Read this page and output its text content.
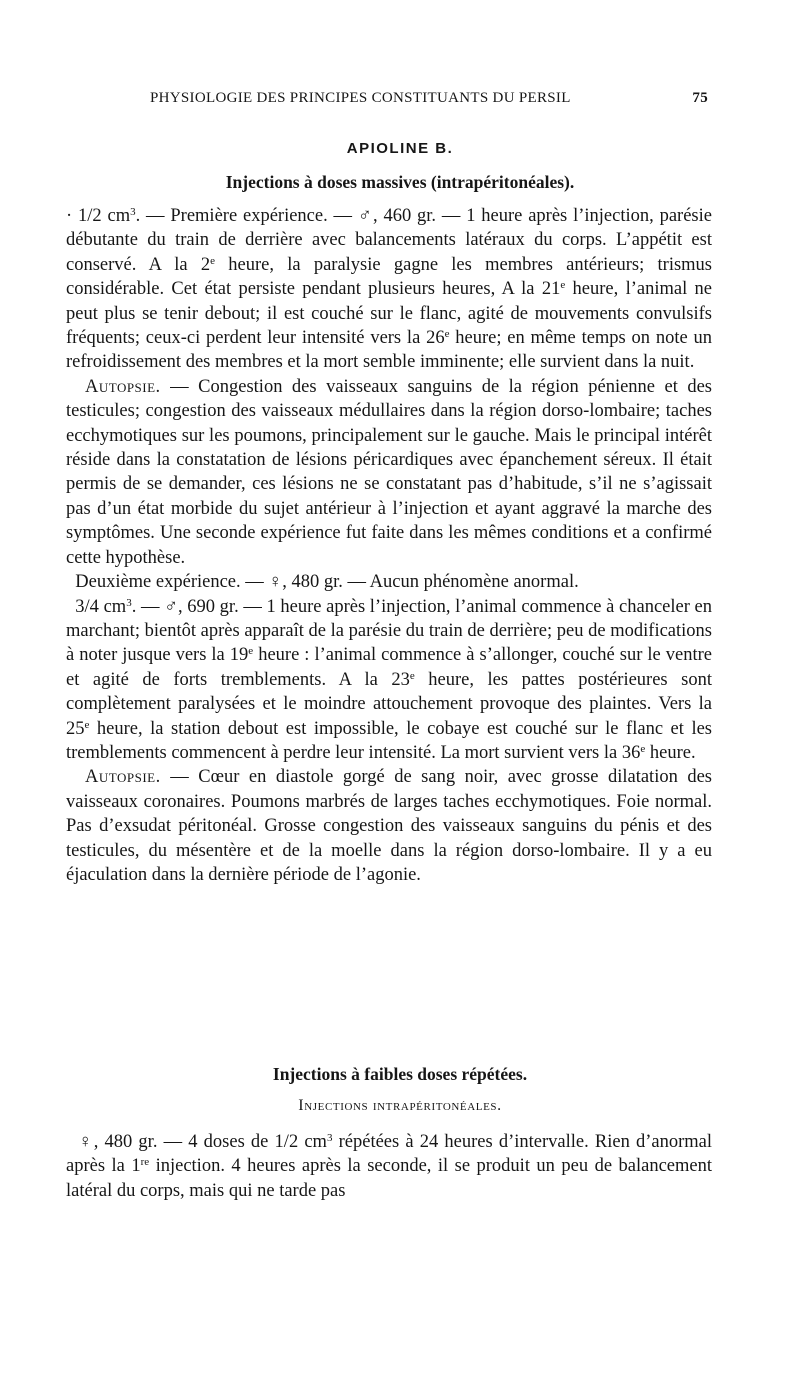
PHYSIOLOGIE DES PRINCIPES CONSTITUANTS DU PERSIL	75
APIOLINE B.
Injections à doses massives (intrapéritonéales).

· 1/2 $cm^3$. — Première expérience. — ♂, 460 gr. — 1 heure après l’injection, parésie débutante du train de derrière avec balancements latéraux du corps. L’appétit est conservé. A la 2e heure, la paralysie gagne les membres antérieurs; trismus considérable. Cet état persiste pendant plusieurs heures, A la 21e heure, l’animal ne peut plus se tenir debout; il est couché sur le flanc, agité de mouvements convulsifs fréquents; ceux-ci perdent leur intensité vers la 26e heure; en même temps on note un refroidissement des membres et la mort semble imminente; elle survient dans la nuit.

Autopsie. — Congestion des vaisseaux sanguins de la région pénienne et des testicules; congestion des vaisseaux médullaires dans la région dorso-lombaire; taches ecchymotiques sur les poumons, principalement sur le gauche. Mais le principal intérêt réside dans la constatation de lésions péricardiques avec épanchement séreux. Il était permis de se demander, ces lésions ne se constatant pas d’habitude, s’il ne s’agissait pas d’un état morbide du sujet antérieur à l’injection et ayant aggravé la marche des symptômes. Une seconde expérience fut faite dans les mêmes conditions et a confirmé cette hypothèse.

Deuxième expérience. — ♀, 480 gr. — Aucun phénomène anormal.

3/4 $cm^3$. — ♂, 690 gr. — 1 heure après l’injection, l’animal commence à chanceler en marchant; bientôt après apparaît de la parésie du train de derrière; peu de modifications à noter jusque vers la 19e heure : l’animal commence à s’allonger, couché sur le ventre et agité de forts tremblements. A la 23e heure, les pattes postérieures sont complètement paralysées et le moindre attouchement provoque des plaintes. Vers la 25e heure, la station debout est impossible, le cobaye est couché sur le flanc et les tremblements commencent à perdre leur intensité. La mort survient vers la 36e heure.

Autopsie. — Cœur en diastole gorgé de sang noir, avec grosse dilatation des vaisseaux coronaires. Poumons marbrés de larges taches ecchymotiques. Foie normal. Pas d’exsudat péritonéal. Grosse congestion des vaisseaux sanguins du pénis et des testicules, du mésentère et de la moelle dans la région dorso-lombaire. Il y a eu éjaculation dans la dernière période de l’agonie.

Injections à faibles doses répétées.
Injections intrapéritonéales.

♀, 480 gr. — 4 doses de 1/2 $cm^3$ répétées à 24 heures d’intervalle. Rien d’anormal après la 1re injection. 4 heures après la seconde, il se produit un peu de balancement latéral du corps, mais qui ne tarde pas
